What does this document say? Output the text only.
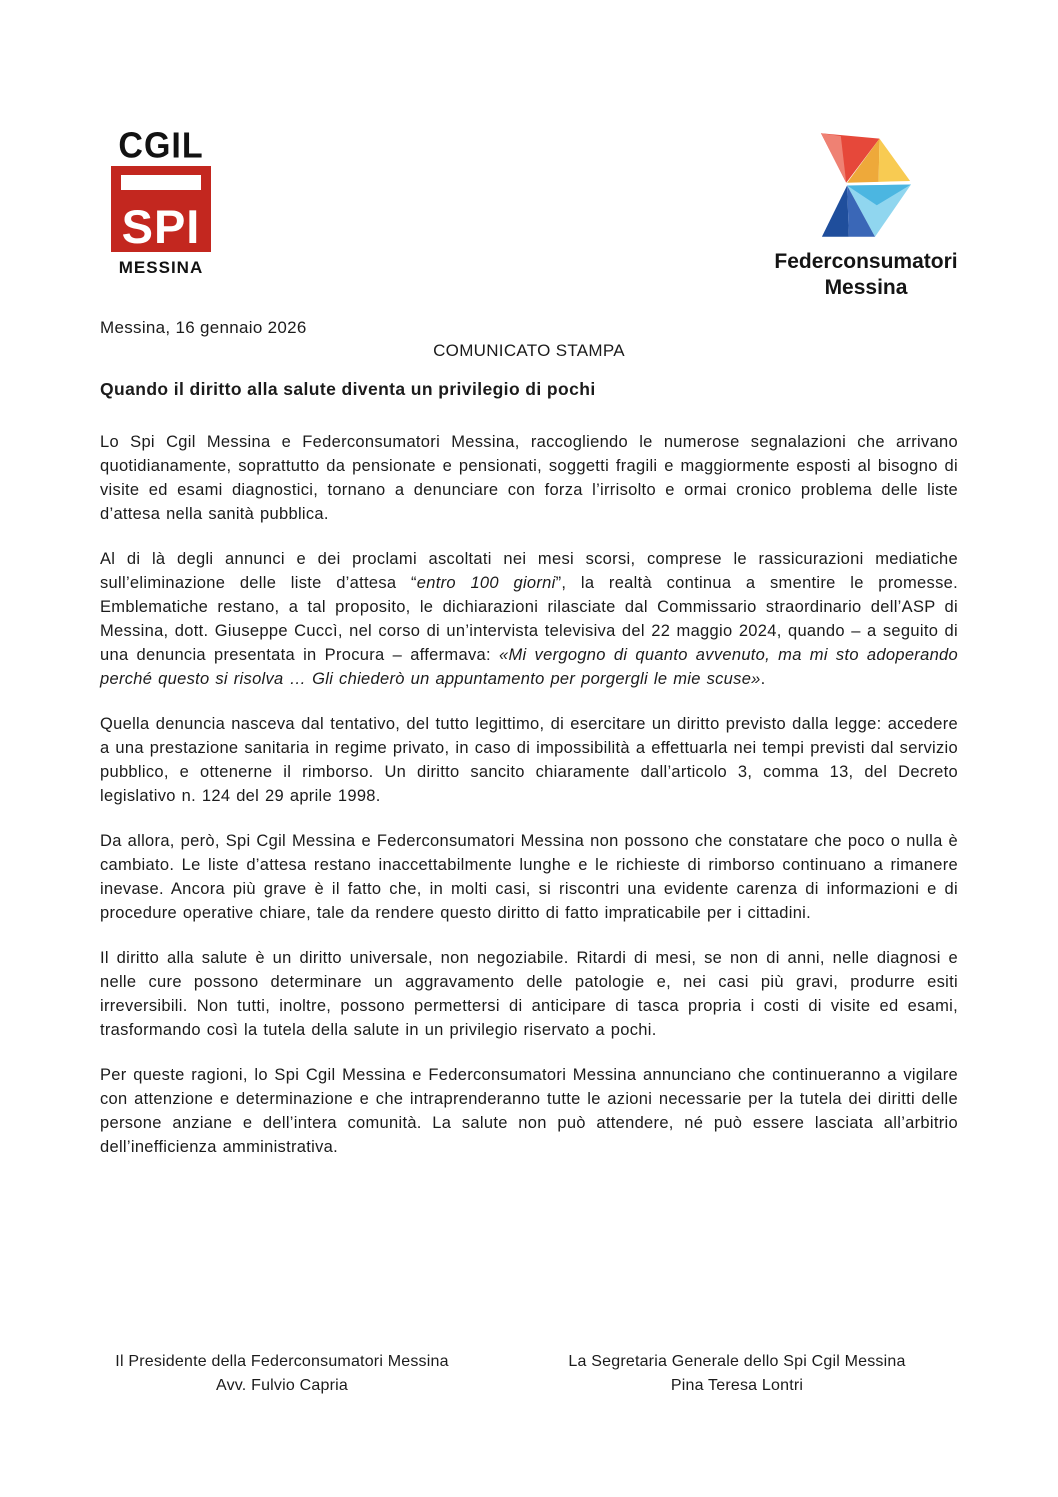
CGIL
SPI
MESSINA	Federconsumatori
Messina
Messina, 16 gennaio 2026
COMUNICATO STAMPA
Quando il diritto alla salute diventa un privilegio di pochi

Lo Spi Cgil Messina e Federconsumatori Messina, raccogliendo le numerose segnalazioni che arrivano quotidianamente, soprattutto da pensionate e pensionati, soggetti fragili e maggiormente esposti al bisogno di visite ed esami diagnostici, tornano a denunciare con forza l’irrisolto e ormai cronico problema delle liste d’attesa nella sanità pubblica.

Al di là degli annunci e dei proclami ascoltati nei mesi scorsi, comprese le rassicurazioni mediatiche sull’eliminazione delle liste d’attesa “entro 100 giorni”, la realtà continua a smentire le promesse. Emblematiche restano, a tal proposito, le dichiarazioni rilasciate dal Commissario straordinario dell’ASP di Messina, dott. Giuseppe Cuccì, nel corso di un’intervista televisiva del 22 maggio 2024, quando – a seguito di una denuncia presentata in Procura – affermava: «Mi vergogno di quanto avvenuto, ma mi sto adoperando perché questo si risolva … Gli chiederò un appuntamento per porgergli le mie scuse».

Quella denuncia nasceva dal tentativo, del tutto legittimo, di esercitare un diritto previsto dalla legge: accedere a una prestazione sanitaria in regime privato, in caso di impossibilità a effettuarla nei tempi previsti dal servizio pubblico, e ottenerne il rimborso. Un diritto sancito chiaramente dall’articolo 3, comma 13, del Decreto legislativo n. 124 del 29 aprile 1998.

Da allora, però, Spi Cgil Messina e Federconsumatori Messina non possono che constatare che poco o nulla è cambiato. Le liste d’attesa restano inaccettabilmente lunghe e le richieste di rimborso continuano a rimanere inevase. Ancora più grave è il fatto che, in molti casi, si riscontri una evidente carenza di informazioni e di procedure operative chiare, tale da rendere questo diritto di fatto impraticabile per i cittadini.

Il diritto alla salute è un diritto universale, non negoziabile. Ritardi di mesi, se non di anni, nelle diagnosi e nelle cure possono determinare un aggravamento delle patologie e, nei casi più gravi, produrre esiti irreversibili. Non tutti, inoltre, possono permettersi di anticipare di tasca propria i costi di visite ed esami, trasformando così la tutela della salute in un privilegio riservato a pochi.

Per queste ragioni, lo Spi Cgil Messina e Federconsumatori Messina annunciano che continueranno a vigilare con attenzione e determinazione e che intraprenderanno tutte le azioni necessarie per la tutela dei diritti delle persone anziane e dell’intera comunità. La salute non può attendere, né può essere lasciata all’arbitrio dell’inefficienza amministrativa.

Il Presidente della Federconsumatori Messina
Avv. Fulvio Capria
La Segretaria Generale dello Spi Cgil Messina
Pina Teresa Lontri
